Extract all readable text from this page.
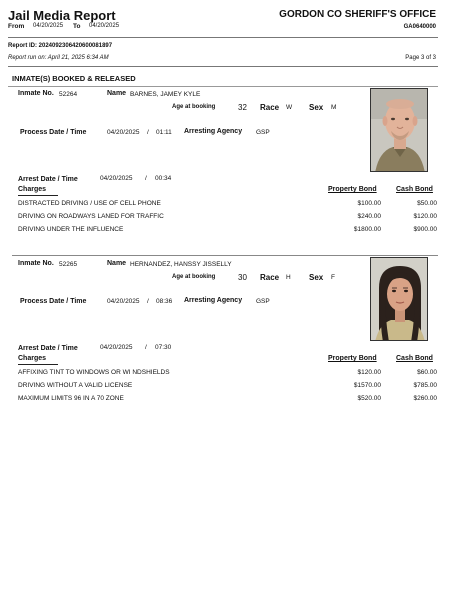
Jail Media Report
From 04/20/2025 To 04/20/2025
GORDON CO SHERIFF'S OFFICE
GA0640000
Report ID: 2024092306420600081897
Report run on: April 21, 2025 6:34 AM	Page 3 of 3
INMATE(S) BOOKED & RELEASED
Inmate No. 52264	Name BARNES, JAMEY KYLE
Age at booking	32 Race W Sex M
Process Date / Time	04/20/2025 / 01:11 Arresting Agency GSP
Arrest Date / Time	04/20/2025 / 00:34
Charges	Property Bond	Cash Bond
DISTRACTED DRIVING / USE OF CELL PHONE	$100.00	$50.00
DRIVING ON ROADWAYS LANED FOR TRAFFIC	$240.00	$120.00
DRIVING UNDER THE INFLUENCE	$1800.00	$900.00
Inmate No. 52265	Name HERNANDEZ, HANSSY JISSELLY
Age at booking	30 Race H Sex F
Process Date / Time	04/20/2025 / 08:36 Arresting Agency GSP
Arrest Date / Time	04/20/2025 / 07:30
Charges	Property Bond	Cash Bond
AFFIXING TINT TO WINDOWS OR WI NDSHIELDS	$120.00	$60.00
DRIVING WITHOUT A VALID LICENSE	$1570.00	$785.00
MAXIMUM LIMITS 96 IN A 70 ZONE	$520.00	$260.00
